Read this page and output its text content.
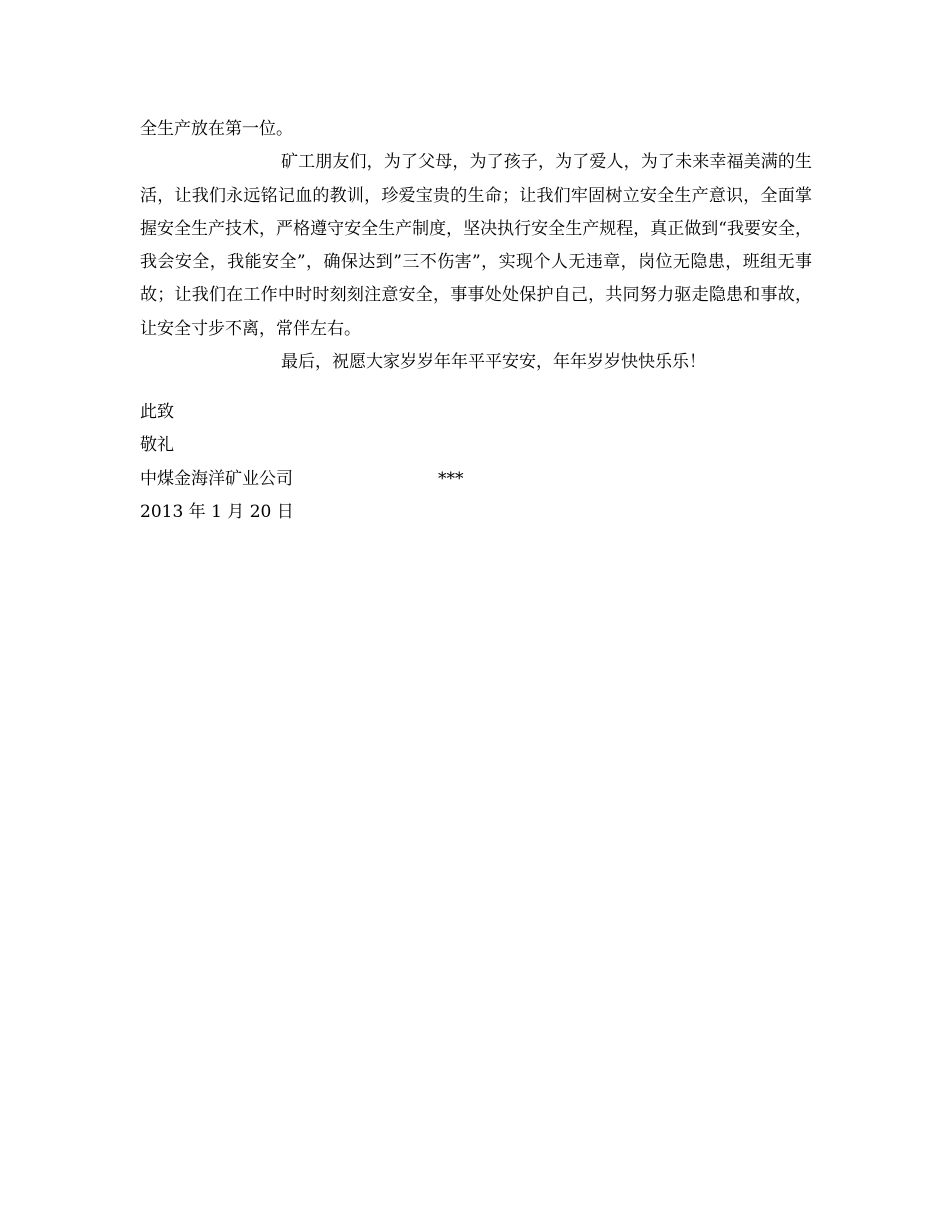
全生产放在第一位。

矿工朋友们，为了父母，为了孩子，为了爱人，为了未来幸福美满的生活，让我们永远铭记血的教训，珍爱宝贵的生命；让我们牢固树立安全生产意识，全面掌握安全生产技术，严格遵守安全生产制度，坚决执行安全生产规程，真正做到“我要安全，我会安全，我能安全”，确保达到”三不伤害”，实现个人无违章，岗位无隐患，班组无事故；让我们在工作中时时刻刻注意安全，事事处处保护自己，共同努力驱走隐患和事故，让安全寸步不离，常伴左右。

最后，祝愿大家岁岁年年平平安安，年年岁岁快快乐乐！

此致
敬礼
中煤金海洋矿业公司	***
2013 年 1 月 20 日
